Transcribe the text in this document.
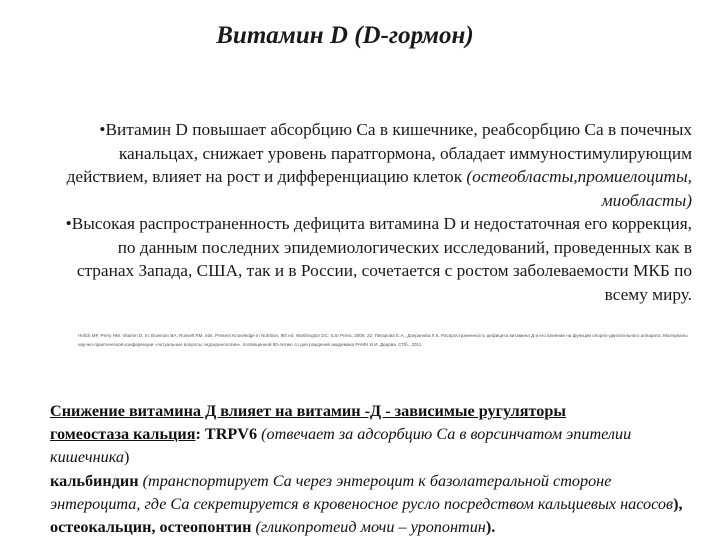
Витамин D (D-гормон)

•Витамин D повышает абсорбцию Са в кишечнике, реабсорбцию Са в почечных канальцах, снижает уровень паратгормона, обладает иммуностимулирующим действием, влияет на рост и дифференциацию клеток (остеобласты,промиелоциты, миобласты)

•Высокая распространенность дефицита витамина D и недостаточная его коррекция, по данным последних эпидемиологических исследований, проведенных как в странах Запада, США, так и в России, сочетается с ростом заболеваемости МКБ по всему миру.

Holick MF, Perry HM. Vitamin D. In: Bowman BA, Russell RM, eds. Present Knowledge in Nutrition, 9th ed. Washington DC: ILSI Press, 2006. 22. Пигарова Е.А., Дзеранова Л.К. Распространенность дефицита витамина Д и его влияние на функции опорно-двигательного аппарата. Материалы научно-практической конференции «Актуальные вопросы эндокринологии», посвященной 80-летию со дня рождения академика РАМН И.И. Дедова. СПб., 2011

Снижение витамина Д влияет на витамин -Д - зависимые ругуляторы
гомеостаза кальция: TRPV6 (отвечает за адсорбцию Са в ворсинчатом эпителии кишечника)

кальбиндин (транспортирует Са через энтероцит к базолатеральной стороне энтероцита, где Са секретируется в кровеносное русло посредством кальциевых насосов),

остеокальцин, остеопонтин (гликопротеид мочи – уропонтин).
